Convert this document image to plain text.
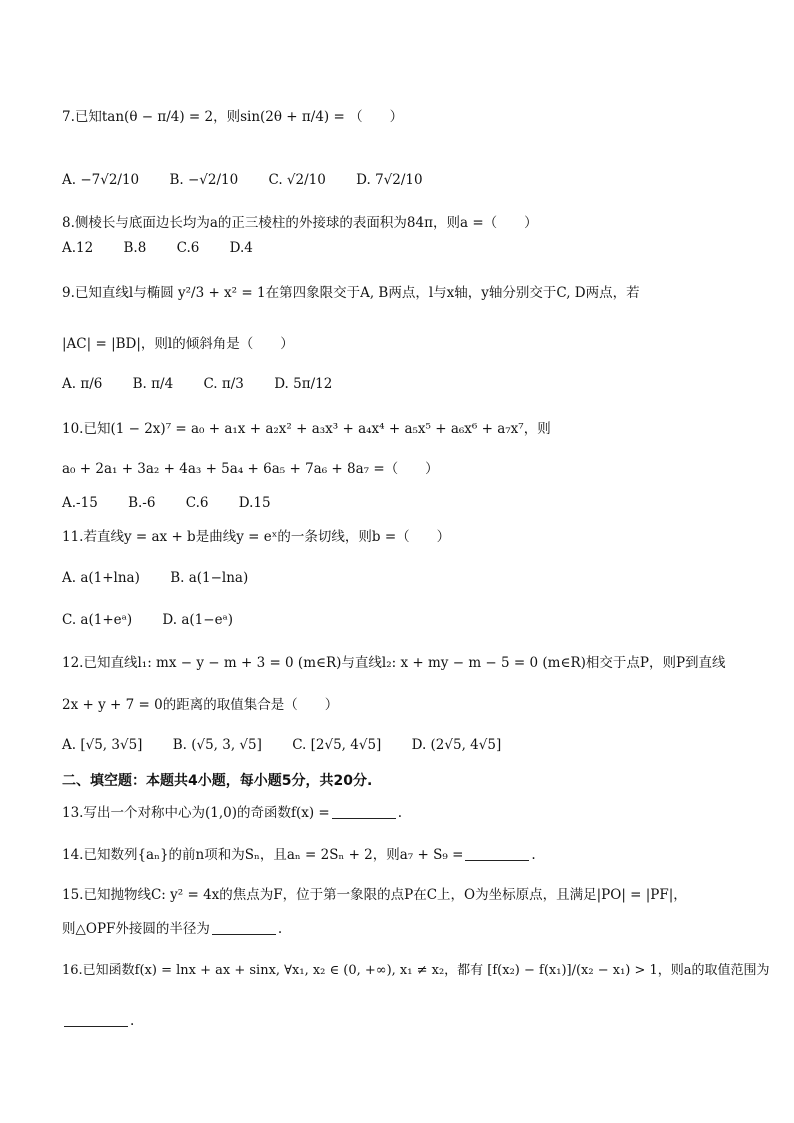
7.已知tan(θ − π/4) = 2，则sin(2θ + π/4) = （　　）
A. −7√2/10 B. −√2/10 C. √2/10 D. 7√2/10
8.侧棱长与底面边长均为a的正三棱柱的外接球的表面积为84π，则a =（　　）
A.12 B.8 C.6 D.4
9.已知直线l与椭圆 y²/3 + x² = 1在第四象限交于A, B两点，l与x轴，y轴分别交于C, D两点，若
|AC| = |BD|，则l的倾斜角是（　　）
A. π/6 B. π/4 C. π/3 D. 5π/12
10.已知(1 − 2x)⁷ = a₀ + a₁x + a₂x² + a₃x³ + a₄x⁴ + a₅x⁵ + a₆x⁶ + a₇x⁷，则
a₀ + 2a₁ + 3a₂ + 4a₃ + 5a₄ + 6a₅ + 7a₆ + 8a₇ =（　　）
A.-15 B.-6 C.6 D.15
11.若直线y = ax + b是曲线y = eˣ的一条切线，则b =（　　）
A. a(1+lna) B. a(1−lna)
C. a(1+eᵃ) D. a(1−eᵃ)
12.已知直线l₁: mx − y − m + 3 = 0 (m∈R)与直线l₂: x + my − m − 5 = 0 (m∈R)相交于点P，则P到直线
2x + y + 7 = 0的距离的取值集合是（　　）
A. [√5, 3√5] B. (√5, 3, √5] C. [2√5, 4√5] D. (2√5, 4√5]
二、填空题：本题共4小题，每小题5分，共20分.
13.写出一个对称中心为(1,0)的奇函数f(x) =	.
14.已知数列{aₙ}的前n项和为Sₙ，且aₙ = 2Sₙ + 2，则a₇ + S₉ =	.
15.已知抛物线C: y² = 4x的焦点为F，位于第一象限的点P在C上，O为坐标原点，且满足|PO| = |PF|，
则△OPF外接圆的半径为	.
16.已知函数f(x) = lnx + ax + sinx, ∀x₁, x₂ ∈ (0, +∞), x₁ ≠ x₂，都有 [f(x₂) − f(x₁)]/(x₂ − x₁) > 1，则a的取值范围为
.
